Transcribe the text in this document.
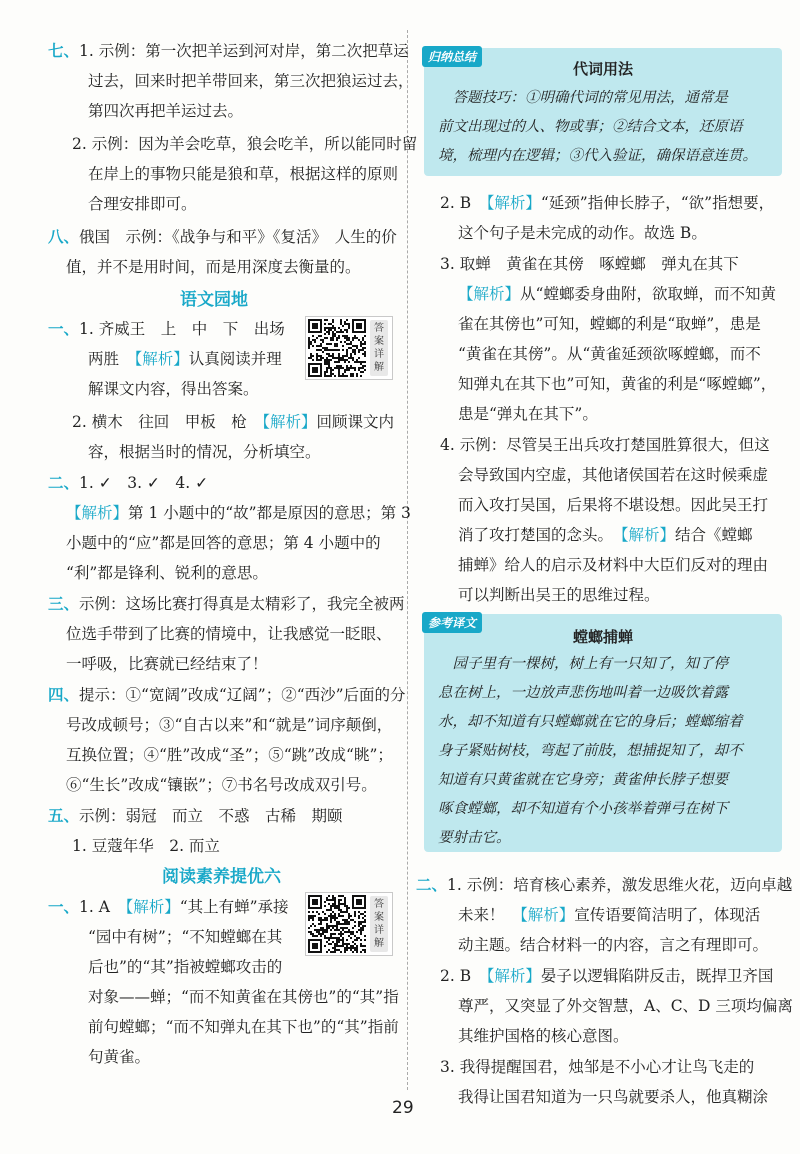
七、1. 示例：第一次把羊运到河对岸，第二次把草运
过去，回来时把羊带回来，第三次把狼运过去，
第四次再把羊运过去。
2. 示例：因为羊会吃草，狼会吃羊，所以能同时留
在岸上的事物只能是狼和草，根据这样的原则
合理安排即可。
八、俄国　示例：《战争与和平》《复活》　人生的价
值，并不是用时间，而是用深度去衡量的。
一、1. 齐威王　上　中　下　出场
两胜　【解析】认真阅读并理
解课文内容，得出答案。
2. 横木　往回　甲板　枪　【解析】回顾课文内
容，根据当时的情况，分析填空。
二、1. ✓　3. ✓　4. ✓
【解析】第 1 小题中的“故”都是原因的意思；第 3
小题中的“应”都是回答的意思；第 4 小题中的
“利”都是锋利、锐利的意思。
三、示例：这场比赛打得真是太精彩了，我完全被两
位选手带到了比赛的情境中，让我感觉一眨眼、
一呼吸，比赛就已经结束了！
四、提示：①“宽阔”改成“辽阔”；②“西沙”后面的分
号改成顿号；③“自古以来”和“就是”词序颠倒，
互换位置；④“胜”改成“圣”；⑤“跳”改成“眺”；
⑥“生长”改成“镶嵌”；⑦书名号改成双引号。
五、示例：弱冠　而立　不惑　古稀　期颐
1. 豆蔻年华　2. 而立
一、1. A　【解析】“其上有蝉”承接
“园中有树”；“不知螳螂在其
后也”的“其”指被螳螂攻击的
对象——蝉；“而不知黄雀在其傍也”的“其”指
前句螳螂；“而不知弹丸在其下也”的“其”指前
句黄雀。
语文园地
阅读素养提优六
答案详解
答案详解
归纳总结
代词用法
　答题技巧：①明确代词的常见用法，通常是
前文出现过的人、物或事；②结合文本，还原语
境，梳理内在逻辑；③代入验证，确保语意连贯。
参考译文
螳螂捕蝉
　园子里有一棵树，树上有一只知了，知了停
息在树上，一边放声悲伤地叫着一边吸饮着露
水，却不知道有只螳螂就在它的身后；螳螂缩着
身子紧贴树枝，弯起了前肢，想捕捉知了，却不
知道有只黄雀就在它身旁；黄雀伸长脖子想要
啄食螳螂，却不知道有个小孩举着弹弓在树下
要射击它。
2. B　【解析】“延颈”指伸长脖子，“欲”指想要，
这个句子是未完成的动作。故选 B。
3. 取蝉　黄雀在其傍　啄螳螂　弹丸在其下
【解析】从“螳螂委身曲附，欲取蝉，而不知黄
雀在其傍也”可知，螳螂的利是“取蝉”，患是
“黄雀在其傍”。从“黄雀延颈欲啄螳螂，而不
知弹丸在其下也”可知，黄雀的利是“啄螳螂”，
患是“弹丸在其下”。
4. 示例：尽管吴王出兵攻打楚国胜算很大，但这
会导致国内空虚，其他诸侯国若在这时候乘虚
而入攻打吴国，后果将不堪设想。因此吴王打
消了攻打楚国的念头。　【解析】结合《螳螂
捕蝉》给人的启示及材料中大臣们反对的理由
可以判断出吴王的思维过程。
二、1. 示例：培育核心素养，激发思维火花，迈向卓越
未来！　【解析】宣传语要简洁明了，体现活
动主题。结合材料一的内容，言之有理即可。
2. B　【解析】晏子以逻辑陷阱反击，既捍卫齐国
尊严，又突显了外交智慧，A、C、D 三项均偏离
其维护国格的核心意图。
3. 我得提醒国君，烛邹是不小心才让鸟飞走的
我得让国君知道为一只鸟就要杀人，他真糊涂
29
